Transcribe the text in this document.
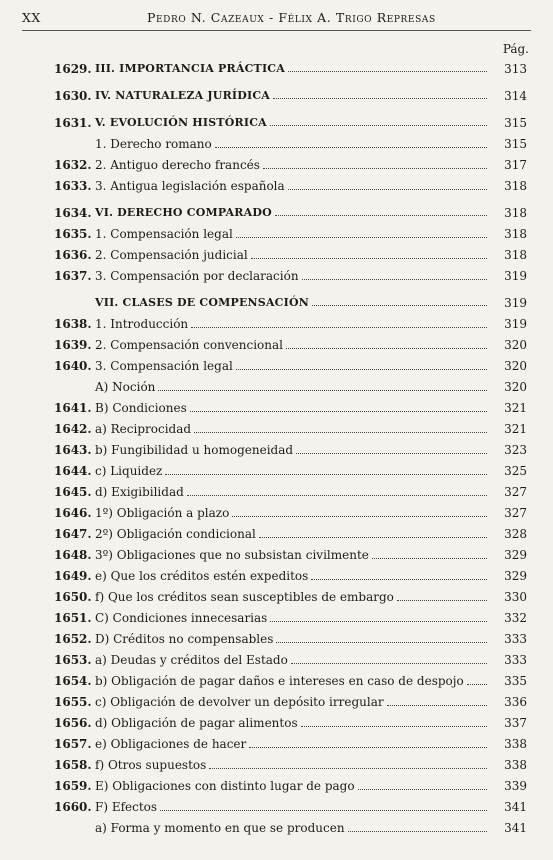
XX	Pedro N. Cazeaux - Félix A. Trigo Represas
Pág.
1629. III. IMPORTANCIA PRÁCTICA	313
1630. IV. NATURALEZA JURÍDICA	314
1631. V. EVOLUCIÓN HISTÓRICA	315
1. Derecho romano	315
1632. 2. Antiguo derecho francés	317
1633. 3. Antigua legislación española	318
1634. VI. DERECHO COMPARADO	318
1635. 1. Compensación legal	318
1636. 2. Compensación judicial	318
1637. 3. Compensación por declaración	319
VII. CLASES DE COMPENSACIÓN	319
1638. 1. Introducción	319
1639. 2. Compensación convencional	320
1640. 3. Compensación legal	320
A) Noción	320
1641. B) Condiciones	321
1642. a) Reciprocidad	321
1643. b) Fungibilidad u homogeneidad	323
1644. c) Liquidez	325
1645. d) Exigibilidad	327
1646. 1º) Obligación a plazo	327
1647. 2º) Obligación condicional	328
1648. 3º) Obligaciones que no subsistan civilmente	329
1649. e) Que los créditos estén expeditos	329
1650. f) Que los créditos sean susceptibles de embargo	330
1651. C) Condiciones innecesarias	332
1652. D) Créditos no compensables	333
1653. a) Deudas y créditos del Estado	333
1654. b) Obligación de pagar daños e intereses en caso de despojo	335
1655. c) Obligación de devolver un depósito irregular	336
1656. d) Obligación de pagar alimentos	337
1657. e) Obligaciones de hacer	338
1658. f) Otros supuestos	338
1659. E) Obligaciones con distinto lugar de pago	339
1660. F) Efectos	341
a) Forma y momento en que se producen	341
